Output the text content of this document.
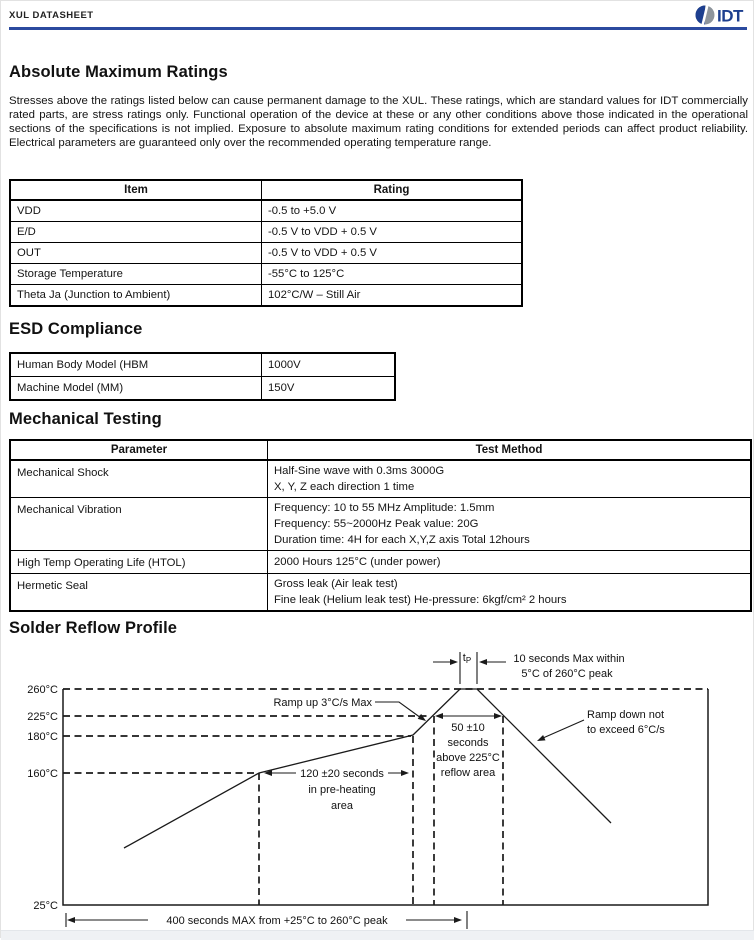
XUL DATASHEET	IDT
Absolute Maximum Ratings
Stresses above the ratings listed below can cause permanent damage to the XUL. These ratings, which are standard values for IDT commercially rated parts, are stress ratings only. Functional operation of the device at these or any other conditions above those indicated in the operational sections of the specifications is not implied. Exposure to absolute maximum rating conditions for extended periods can affect product reliability. Electrical parameters are guaranteed only over the recommended operating temperature range.
Item	Rating
VDD	-0.5 to +5.0 V
E/D	-0.5 V to VDD + 0.5 V
OUT	-0.5 V to VDD + 0.5 V
Storage Temperature	-55°C to 125°C
Theta Ja (Junction to Ambient)	102°C/W – Still Air
ESD Compliance
Human Body Model (HBM	1000V
Machine Model (MM)	150V
Mechanical Testing
Parameter	Test Method
Mechanical Shock	Half-Sine wave with 0.3ms 3000G
X, Y, Z each direction 1 time

Mechanical Vibration	Frequency: 10 to 55 MHz Amplitude: 1.5mm
Frequency: 55~2000Hz Peak value: 20G
Duration time: 4H for each X,Y,Z axis Total 12hours

High Temp Operating Life (HTOL)	2000 Hours 125°C (under power)

Hermetic Seal	Gross leak (Air leak test)
Fine leak (Helium leak test) He-pressure: 6kgf/cm² 2 hours
Solder Reflow Profile
260°C
225°C
180°C
160°C
25°C
tP	10 seconds Max within
5°C of 260°C peak
Ramp up 3°C/s Max
Ramp down not
to exceed 6°C/s
50 ±10
seconds
above 225°C
reflow area
120 ±20 seconds
in pre-heating
area
400 seconds MAX from +25°C to 260°C peak
